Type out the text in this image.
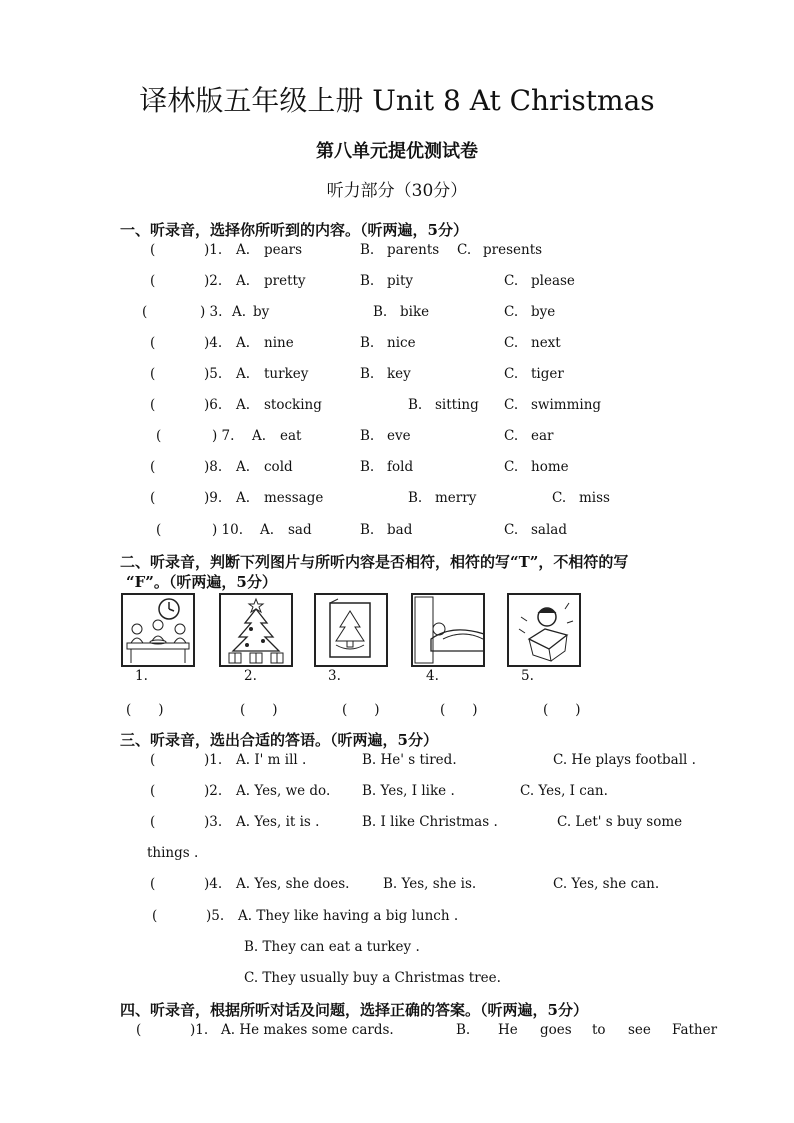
译林版五年级上册 Unit 8 At Christmas
第八单元提优测试卷
听力部分（30分）
一、听录音，选择你所听到的内容。（听两遍，5分）
(	)1. A. pears	B. parents C. presents
(	)2. A. pretty	B. pity	C. please
(	) 3. A. by	B. bike	C. bye
(	)4. A. nine	B. nice	C. next
(	)5. A. turkey	B. key	C. tiger
(	)6. A. stocking	B. sitting C. swimming
(	) 7. A. eat	B. eve	C. ear
(	)8. A. cold	B. fold	C. home
(	)9. A. message	B. merry	C. miss
(	) 10. A. sad	B. bad	C. salad
二、听录音，判断下列图片与所听内容是否相符，相符的写“T”，不相符的写
“F”。（听两遍，5分）
1.	2.	3.	4.	5.
(　　)	(　　)	(　　)	(　　)	(　　)
三、听录音，选出合适的答语。（听两遍，5分）
(	)1. A. I' m ill .	B. He' s tired.	C. He plays football .
(	)2. A. Yes, we do. B. Yes, I like .	C. Yes, I can.
(	)3. A. Yes, it is .	B. I like Christmas .	C. Let' s buy some
things .
(	)4. A. Yes, she does. B. Yes, she is.	C. Yes, she can.
(	)5. A. They like having a big lunch .
B. They can eat a turkey .
C. They usually buy a Christmas tree.
四、听录音，根据所听对话及问题，选择正确的答案。（听两遍，5分）
(	)1. A. He makes some cards.	B. He goes to see Father
